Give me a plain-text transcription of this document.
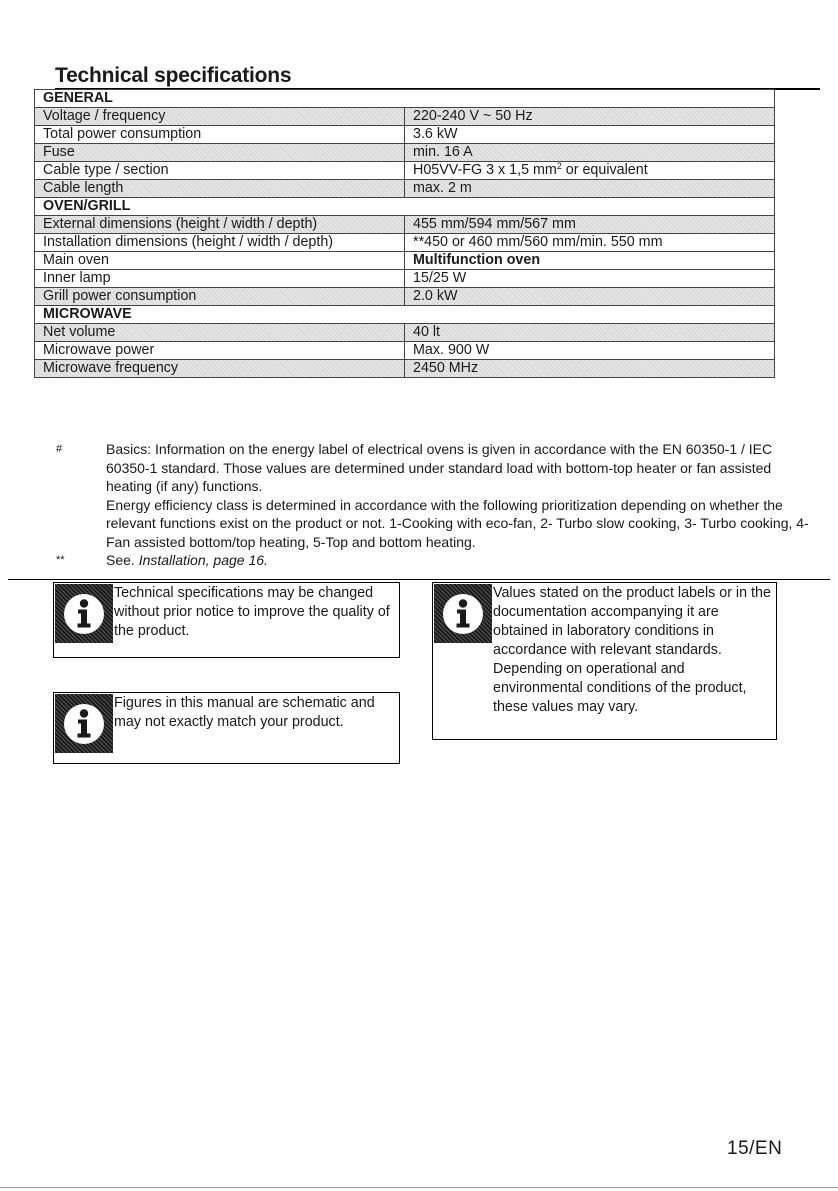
Technical specifications
GENERAL	
Voltage / frequency	220-240 V ~ 50 Hz
Total power consumption	3.6 kW
Fuse	min. 16 A
Cable type / section	H05VV-FG 3 x 1,5 $mm^2$ or equivalent
Cable length	max. 2 m
OVEN/GRILL	
External dimensions (height / width / depth)	455 mm/594 mm/567 mm
Installation dimensions (height / width / depth)	**450 or 460 mm/560 mm/min. 550 mm
Main oven	Multifunction oven
Inner lamp	15/25 W
Grill power consumption	2.0 kW
MICROWAVE	
Net volume	40 lt
Microwave power	Max. 900 W
Microwave frequency	2450 MHz
#	Basics: Information on the energy label of electrical ovens is given in accordance with the EN 60350-1 / IEC 60350-1 standard. Those values are determined under standard load with bottom-top heater or fan assisted heating (if any) functions.
Energy efficiency class is determined in accordance with the following prioritization depending on whether the relevant functions exist on the product or not. 1-Cooking with eco-fan, 2- Turbo slow cooking, 3- Turbo cooking, 4- Fan assisted bottom/top heating, 5-Top and bottom heating.
**	See. Installation, page 16.
Technical specifications may be changed without prior notice to improve the quality of the product.
Figures in this manual are schematic and may not exactly match your product.
Values stated on the product labels or in the documentation accompanying it are obtained in laboratory conditions in accordance with relevant standards. Depending on operational and environmental conditions of the product, these values may vary.
15/EN
